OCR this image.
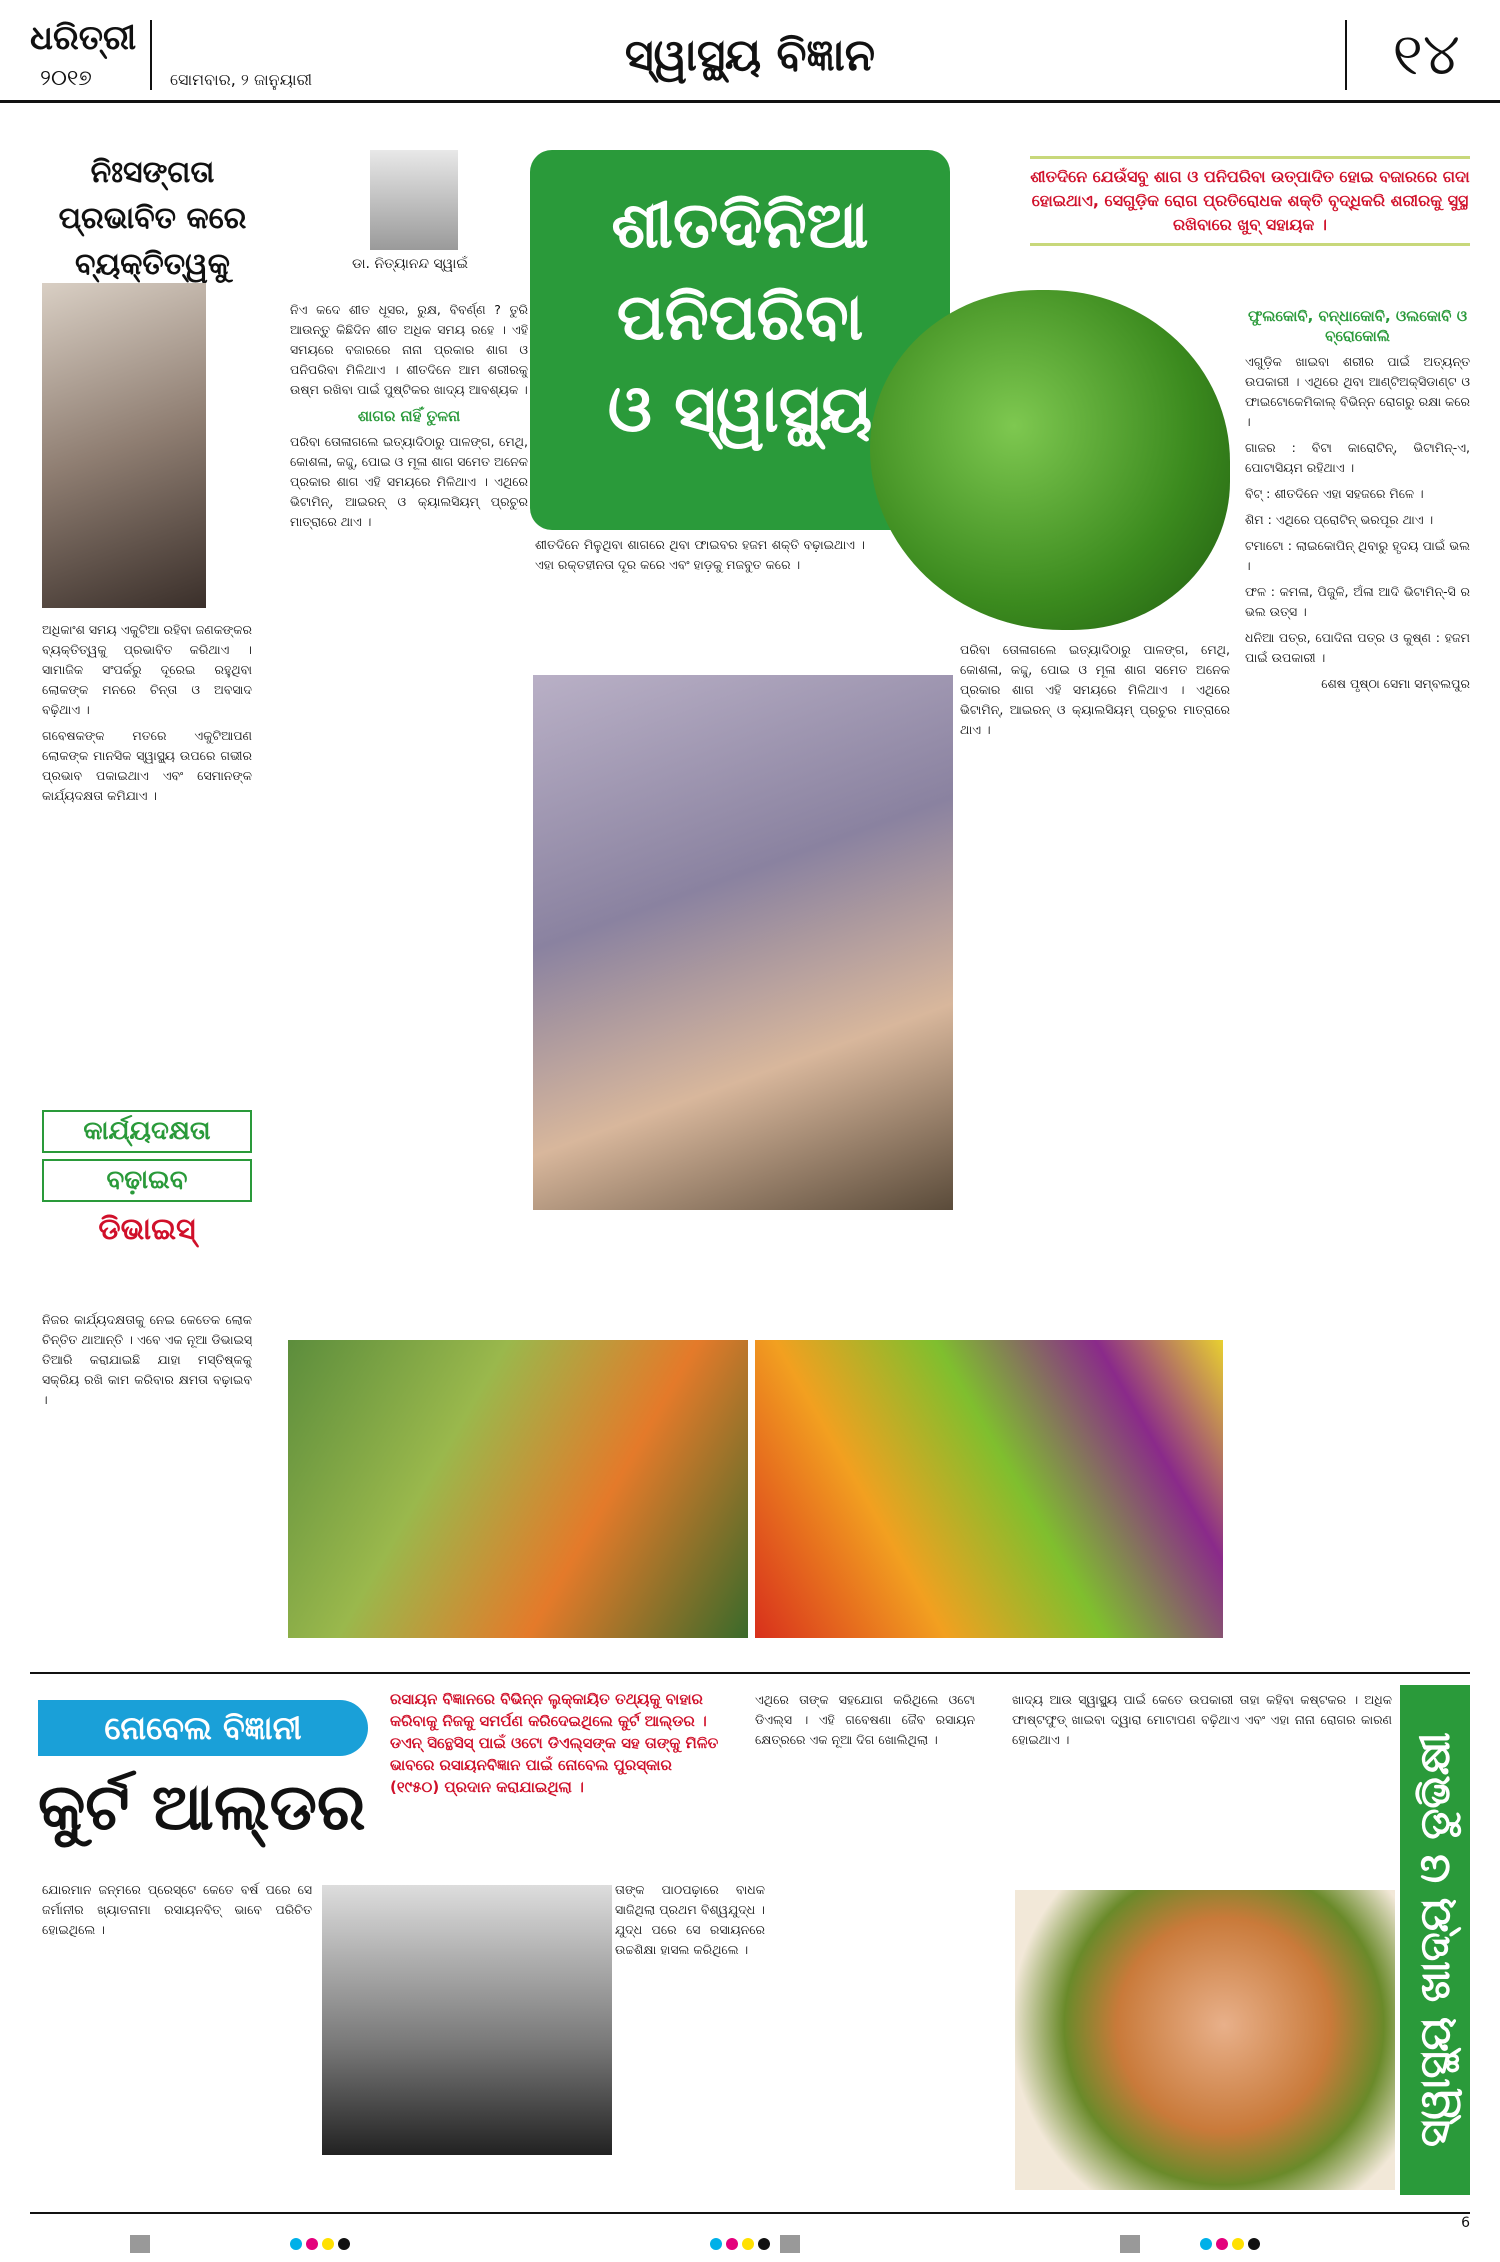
ଧରିତ୍ରୀ
୨୦୧୭	ସୋମବାର, ୨ ଜାନୁୟାରୀ	ସ୍ୱାସ୍ଥ୍ୟ ବିଜ୍ଞାନ	୧୪
ନିଃସଙ୍ଗତା ପ୍ରଭାବିତ କରେ ବ୍ୟକ୍ତିତ୍ୱକୁ

ଅଧିକାଂଶ ସମୟ ଏକୁଟିଆ ରହିବା ଜଣକଙ୍କର ବ୍ୟକ୍ତିତ୍ୱକୁ ପ୍ରଭାବିତ କରିଥାଏ । ସାମାଜିକ ସଂପର୍କରୁ ଦୂରେଇ ରହୁଥିବା ଲୋକଙ୍କ ମନରେ ଚିନ୍ତା ଓ ଅବସାଦ ବଢ଼ିଥାଏ ।

ଗବେଷକଙ୍କ ମତରେ ଏକୁଟିଆପଣ ଲୋକଙ୍କ ମାନସିକ ସ୍ୱାସ୍ଥ୍ୟ ଉପରେ ଗଭୀର ପ୍ରଭାବ ପକାଇଥାଏ ଏବଂ ସେମାନଙ୍କ କାର୍ଯ୍ୟଦକ୍ଷତା କମିଯାଏ ।

କାର୍ଯ୍ୟଦକ୍ଷତା
ବଢ଼ାଇବ
ଡିଭାଇସ୍
ନିଜର କାର୍ଯ୍ୟଦକ୍ଷତାକୁ ନେଇ କେତେକ ଲୋକ ଚିନ୍ତିତ ଥାଆନ୍ତି । ଏବେ ଏକ ନୂଆ ଡିଭାଇସ୍ ତିଆରି କରାଯାଇଛି ଯାହା ମସ୍ତିଷ୍କକୁ ସକ୍ରିୟ ରଖି କାମ କରିବାର କ୍ଷମତା ବଢ଼ାଇବ ।
ଡା. ନିତ୍ୟାନନ୍ଦ ସ୍ୱାଇଁ
ଶୀତଦିନିଆ
ପନିପରିବା
ଓ ସ୍ୱାସ୍ଥ୍ୟ
ଶୀତଦିନେ ଯେଉଁସବୁ ଶାଗ ଓ ପନିପରିବା ଉତ୍ପାଦିତ ହୋଇ ବଜାରରେ ଗଦା ହୋଇଥାଏ, ସେଗୁଡ଼ିକ ରୋଗ ପ୍ରତିରୋଧକ ଶକ୍ତି ବୃଦ୍ଧିକରି ଶରୀରକୁ ସୁସ୍ଥ ରଖିବାରେ ଖୁବ୍ ସହାୟକ ।

ନିଏ କଦେ ଶୀତ ଧୂସର, ରୁକ୍ଷ, ବିବର୍ଣ୍ଣ ? ତୁରି ଆଉନ୍ତୁ କିଛିଦିନ ଶୀତ ଅଧିକ ସମୟ ରହେ । ଏହି ସମୟରେ ବଜାରରେ ନାନା ପ୍ରକାର ଶାଗ ଓ ପନିପରିବା ମିଳିଥାଏ । ଶୀତଦିନେ ଆମ ଶରୀରକୁ ଉଷ୍ମ ରଖିବା ପାଇଁ ପୁଷ୍ଟିକର ଖାଦ୍ୟ ଆବଶ୍ୟକ ।

ଶାଗର ନାହିଁ ତୁଳନା

ପରିବା ତୋଳାଗଲେ ଇତ୍ୟାଦିଠାରୁ ପାଳଙ୍ଗ, ମେଥି, କୋଶଳା, କଦ୍ଦୁ, ପୋଇ ଓ ମୂଳା ଶାଗ ସମେତ ଅନେକ ପ୍ରକାର ଶାଗ ଏହି ସମୟରେ ମିଳିଥାଏ । ଏଥିରେ ଭିଟାମିନ୍, ଆଇରନ୍ ଓ କ୍ୟାଲସିୟମ୍ ପ୍ରଚୁର ମାତ୍ରାରେ ଥାଏ ।

ଶୀତଦିନେ ମିଳୁଥିବା ଶାଗରେ ଥିବା ଫାଇବର ହଜମ ଶକ୍ତି ବଢ଼ାଇଥାଏ । ଏହା ରକ୍ତହୀନତା ଦୂର କରେ ଏବଂ ହାଡ଼କୁ ମଜବୁତ କରେ ।
ପରିବା ତୋଳାଗଲେ ଇତ୍ୟାଦିଠାରୁ ପାଳଙ୍ଗ, ମେଥି, କୋଶଳା, କଦ୍ଦୁ, ପୋଇ ଓ ମୂଳା ଶାଗ ସମେତ ଅନେକ ପ୍ରକାର ଶାଗ ଏହି ସମୟରେ ମିଳିଥାଏ । ଏଥିରେ ଭିଟାମିନ୍, ଆଇରନ୍ ଓ କ୍ୟାଲସିୟମ୍ ପ୍ରଚୁର ମାତ୍ରାରେ ଥାଏ ।
ଫୁଲକୋବି, ବନ୍ଧାକୋବି, ଓଲକୋବି ଓ ବ୍ରୋକୋଲି

ଏଗୁଡ଼ିକ ଖାଇବା ଶରୀର ପାଇଁ ଅତ୍ୟନ୍ତ ଉପକାରୀ । ଏଥିରେ ଥିବା ଆଣ୍ଟିଅକ୍ସିଡାଣ୍ଟ ଓ ଫାଇଟୋକେମିକାଲ୍ ବିଭିନ୍ନ ରୋଗରୁ ରକ୍ଷା କରେ ।

ଗାଜର : ବିଟା କାରୋଟିନ୍, ଭିଟାମିନ୍-ଏ, ପୋଟାସିୟମ ରହିଥାଏ ।

ବିଟ୍ : ଶୀତଦିନେ ଏହା ସହଜରେ ମିଳେ ।

ଶିମ : ଏଥିରେ ପ୍ରୋଟିନ୍ ଭରପୂର ଥାଏ ।

ଟମାଟୋ : ଲାଇକୋପିନ୍ ଥିବାରୁ ହୃଦୟ ପାଇଁ ଭଲ ।

ଫଳ : କମଳା, ପିଜୁଳି, ଅଁଳା ଆଦି ଭିଟାମିନ୍-ସି ର ଭଲ ଉତ୍ସ ।

ଧନିଆ ପତ୍ର, ପୋଦିନା ପତ୍ର ଓ କୁଷ୍ଣ : ହଜମ ପାଇଁ ଉପକାରୀ ।

ଶେଷ ପୃଷ୍ଠା ସେମା ସମ୍ବଲପୁର

ନୋବେଲ ବିଜ୍ଞାନୀ
କୁର୍ଟ ଆଲ୍ଡର
ରସାୟନ ବିଜ୍ଞାନରେ ବିଭିନ୍ନ ଲୁକ୍କାୟିତ ତଥ୍ୟକୁ ବାହାର କରିବାକୁ ନିଜକୁ ସମର୍ପଣ କରିଦେଇଥିଲେ କୁର୍ଟ ଆଲ୍ଡର । ଡଏନ୍ ସିନ୍ଥେସିସ୍ ପାଇଁ ଓଟୋ ଡିଏଲ୍ସଙ୍କ ସହ ତାଙ୍କୁ ମିଳିତ ଭାବରେ ରସାୟନବିଜ୍ଞାନ ପାଇଁ ନୋବେଲ ପୁରସ୍କାର (୧୯୫୦) ପ୍ରଦାନ କରାଯାଇଥିଲା ।
ଯୋରମାନ ଜନ୍ମରେ ପ୍ରେସ୍ଟେ କେତେ ବର୍ଷ ପରେ ସେ ଜର୍ମାନୀର ଖ୍ୟାତନାମା ରସାୟନବିତ୍ ଭାବେ ପରିଚିତ ହୋଇଥିଲେ ।
ତାଙ୍କ ପାଠପଢ଼ାରେ ବାଧକ ସାଜିଥିଲା ପ୍ରଥମ ବିଶ୍ୱଯୁଦ୍ଧ । ଯୁଦ୍ଧ ପରେ ସେ ରସାୟନରେ ଉଚ୍ଚଶିକ୍ଷା ହାସଲ କରିଥିଲେ ।
ଏଥିରେ ତାଙ୍କ ସହଯୋଗ କରିଥିଲେ ଓଟୋ ଡିଏଲ୍ସ । ଏହି ଗବେଷଣା ଜୈବ ରସାୟନ କ୍ଷେତ୍ରରେ ଏକ ନୂଆ ଦିଗ ଖୋଲିଥିଲା ।
ଖାଦ୍ୟ ଆଉ ସ୍ୱାସ୍ଥ୍ୟ ପାଇଁ କେତେ ଉପକାରୀ ତାହା କହିବା କଷ୍ଟକର । ଅଧିକ ଫାଷ୍ଟଫୁଡ୍ ଖାଇବା ଦ୍ୱାରା ମୋଟାପଣ ବଢ଼ିଥାଏ ଏବଂ ଏହା ନାନା ରୋଗର କାରଣ ହୋଇଥାଏ ।	ସ୍ୱାସ୍ଥ୍ୟ ଖାଦ୍ୟ ଓ ଡୁଭିକ୍ଷୀ
6
